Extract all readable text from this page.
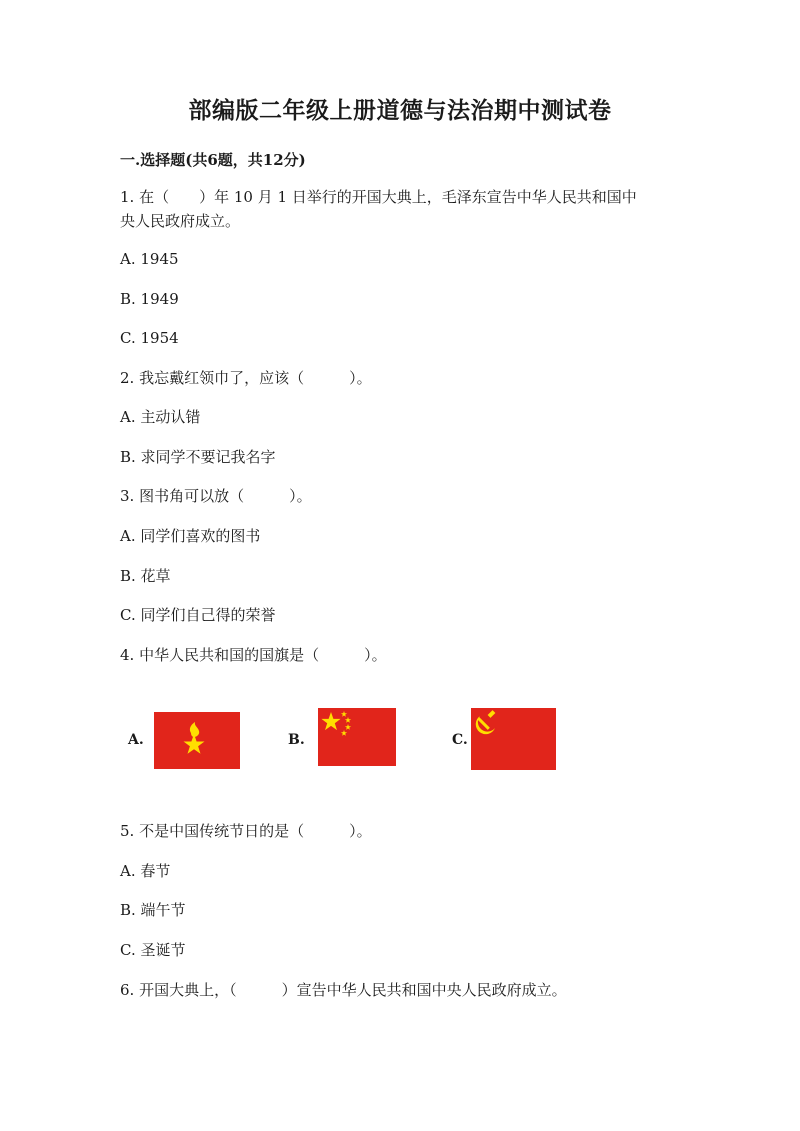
部编版二年级上册道德与法治期中测试卷
一.选择题(共6题，共12分)
1. 在（　　）年 10 月 1 日举行的开国大典上，毛泽东宣告中华人民共和国中
央人民政府成立。
A. 1945
B. 1949
C. 1954
2. 我忘戴红领巾了，应该（　　　）。
A. 主动认错
B. 求同学不要记我名字
3. 图书角可以放（　　　）。
A. 同学们喜欢的图书
B. 花草
C. 同学们自己得的荣誉
4. 中华人民共和国的国旗是（　　　）。
A.	B.	C.
5. 不是中国传统节日的是（　　　）。
A. 春节
B. 端午节
C. 圣诞节
6. 开国大典上，（　　　）宣告中华人民共和国中央人民政府成立。
